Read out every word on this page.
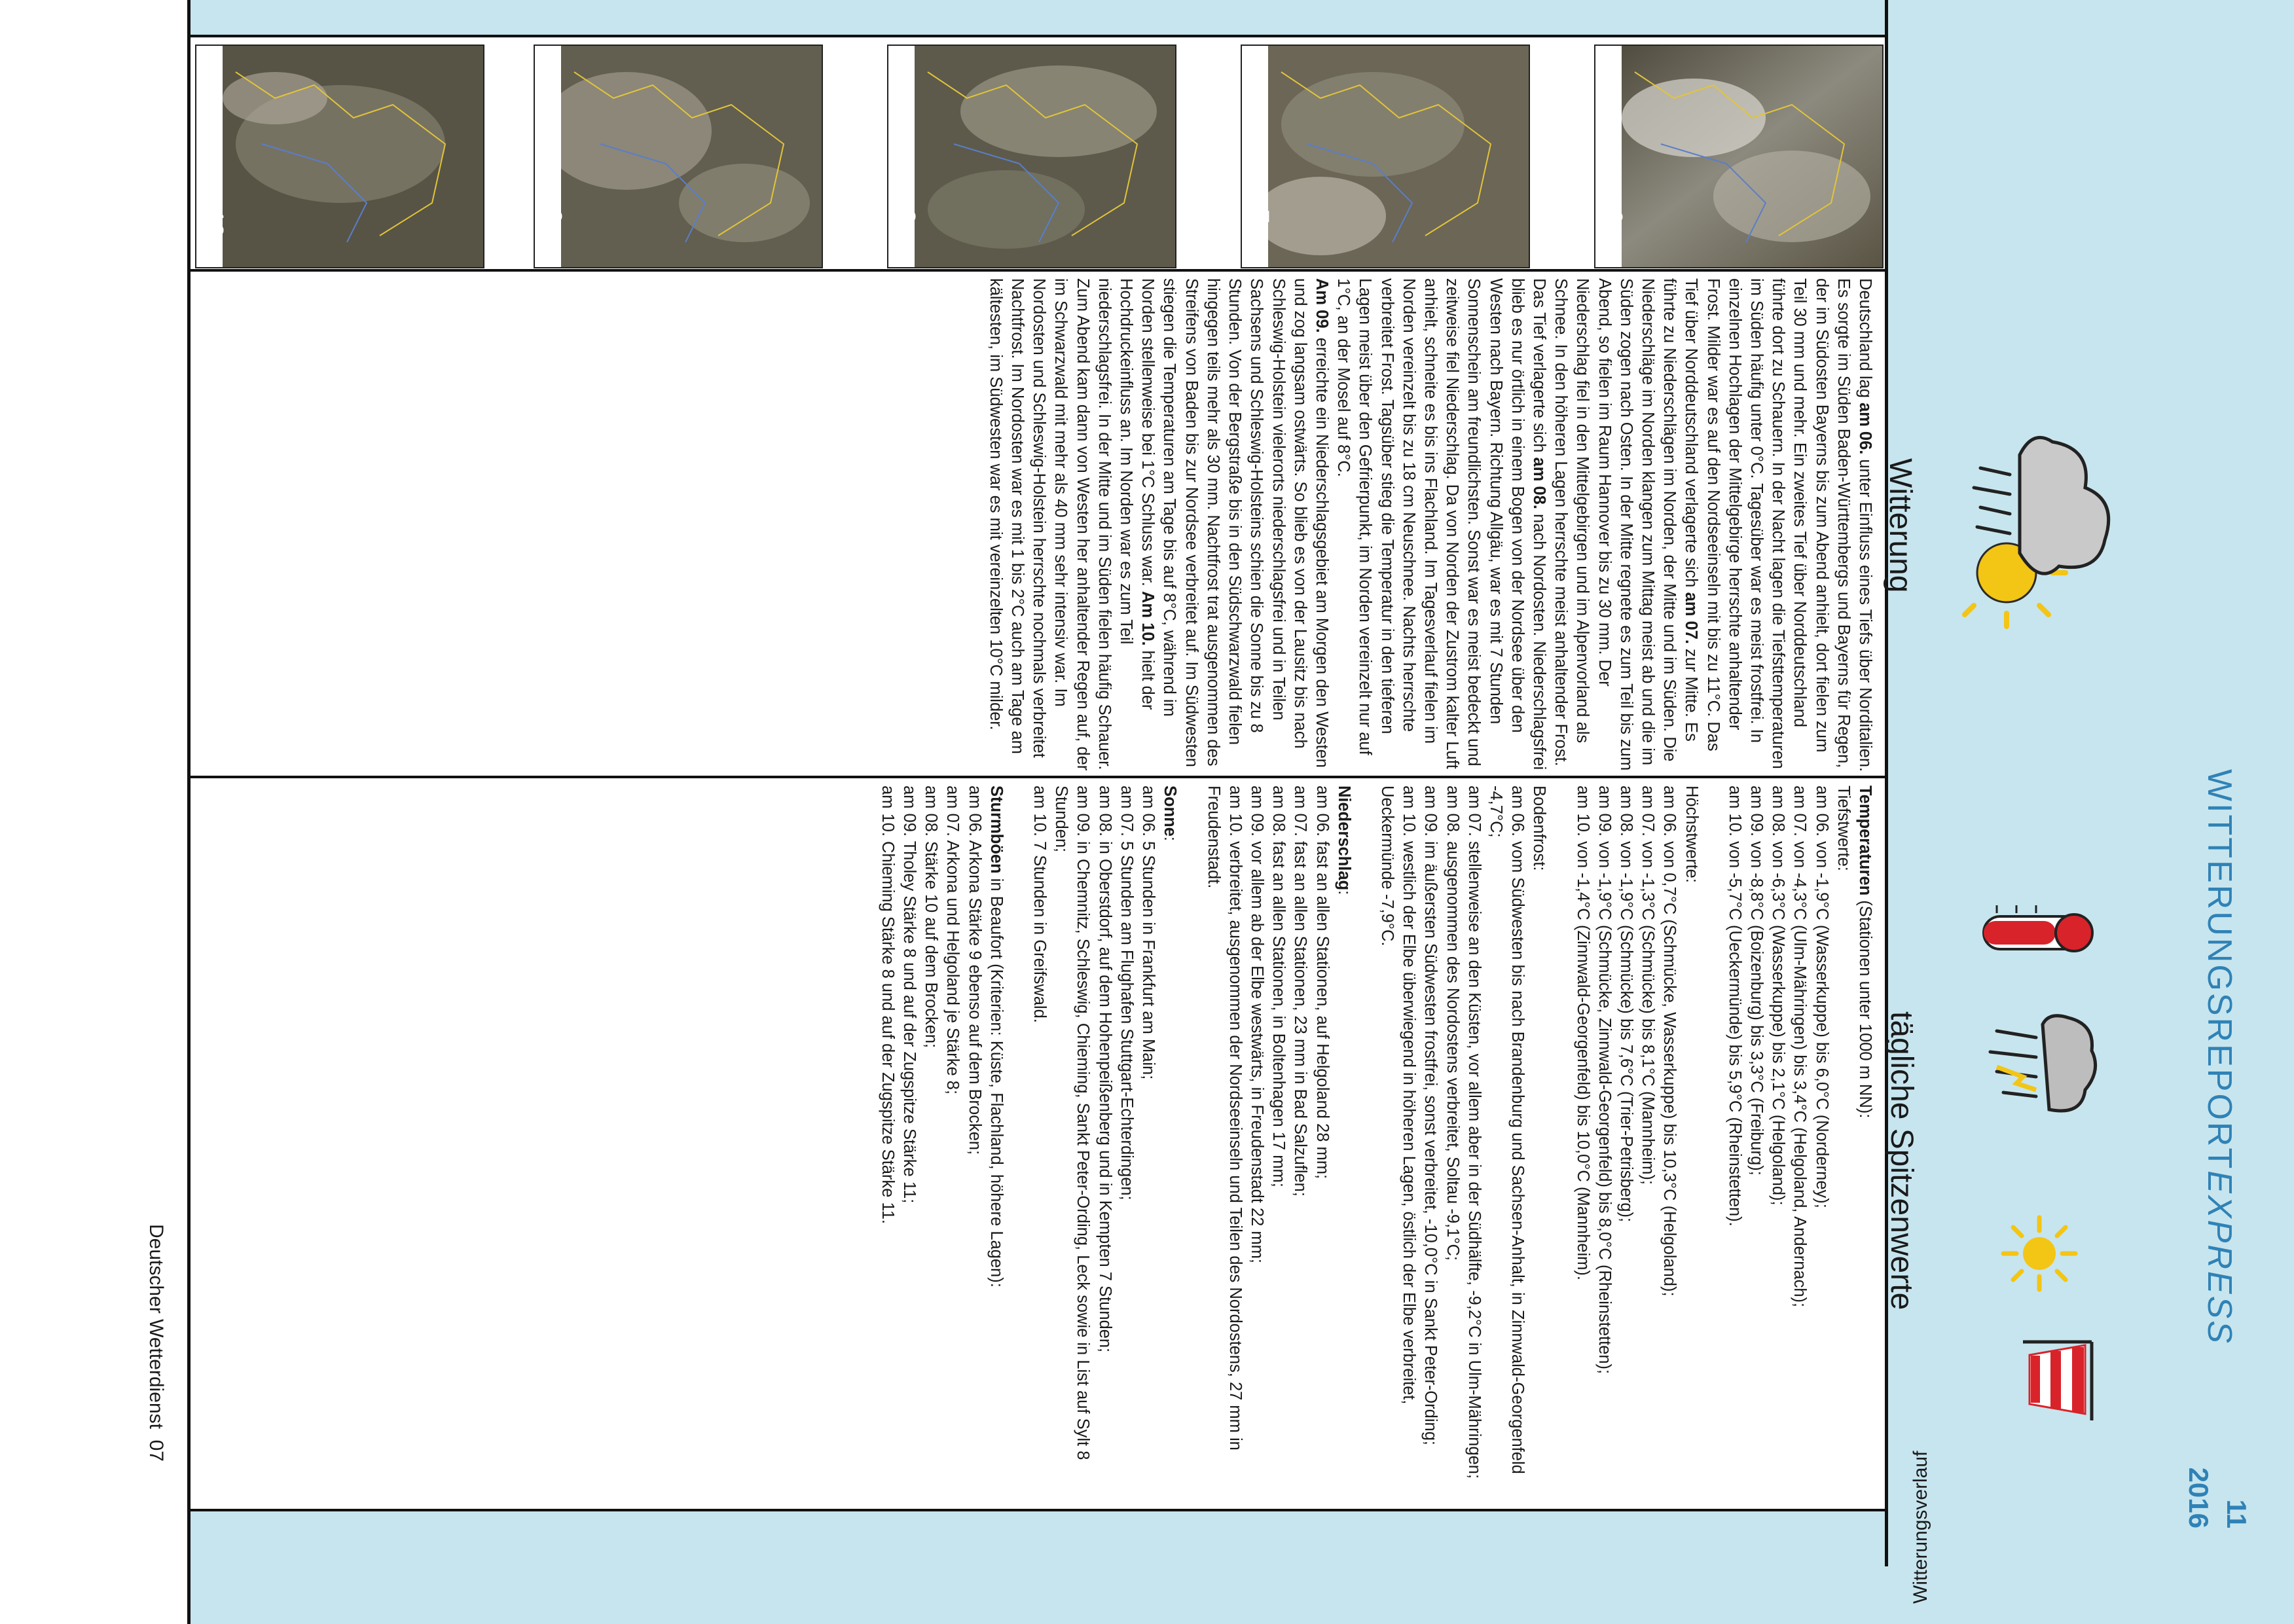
WITTERUNGSREPORTEXPRESS
11
2016
Witterungsverlauf
Witterung
tägliche Spitzenwerte
6
7
8
9
10

Deutschland lag am 06. unter Einfluss eines Tiefs über Norditalien. Es sorgte im Süden Baden-Württembergs und Bayerns für Regen, der im Südosten Bayerns bis zum Abend anhielt, dort fielen zum Teil 30 mm und mehr. Ein zweites Tief über Norddeutschland führte dort zu Schauern. In der Nacht lagen die Tiefsttemperaturen im Süden häufig unter 0°C. Tagesüber war es meist frostfrei. In einzelnen Hochlagen der Mittelgebirge herrschte anhaltender Frost. Milder war es auf den Nordseeinseln mit bis zu 11°C. Das Tief über Norddeutschland verlagerte sich am 07. zur Mitte. Es führte zu Niederschlägen im Norden, der Mitte und im Süden. Die Niederschläge im Norden klangen zum Mittag meist ab und die im Süden zogen nach Osten. In der Mitte regnete es zum Teil bis zum Abend, so fielen im Raum Hannover bis zu 30 mm. Der Niederschlag fiel in den Mittelgebirgen und im Alpenvorland als Schnee. In den höheren Lagen herrschte meist anhaltender Frost. Das Tief verlagerte sich am 08. nach Nordosten. Niederschlagsfrei blieb es nur örtlich in einem Bogen von der Nordsee über den Westen nach Bayern. Richtung Allgäu, war es mit 7 Stunden Sonnenschein am freundlichsten. Sonst war es meist bedeckt und zeitweise fiel Niederschlag. Da von Norden der Zustrom kalter Luft anhielt, schneite es bis ins Flachland. Im Tagesverlauf fielen im Norden vereinzelt bis zu 18 cm Neuschnee. Nachts herrschte verbreitet Frost. Tagsüber stieg die Temperatur in den tieferen Lagen meist über den Gefrierpunkt, im Norden vereinzelt nur auf 1°C, an der Mosel auf 8°C.

Am 09. erreichte ein Niederschlagsgebiet am Morgen den Westen und zog langsam ostwärts. So blieb es von der Lausitz bis nach Schleswig-Holstein vielerorts niederschlagsfrei und in Teilen Sachsens und Schleswig-Holsteins schien die Sonne bis zu 8 Stunden. Von der Bergstraße bis in den Südschwarzwald fielen hingegen teils mehr als 30 mm. Nachtfrost trat ausgenommen des Streifens von Baden bis zur Nordsee verbreitet auf. Im Südwesten stiegen die Temperaturen am Tage bis auf 8°C, während im Norden stellenweise bei 1°C Schluss war. Am 10. hielt der Hochdruckeinfluss an. Im Norden war es zum Teil niederschlagsfrei. In der Mitte und im Süden fielen häufig Schauer. Zum Abend kam dann von Westen her anhaltender Regen auf, der im Schwarzwald mit mehr als 40 mm sehr intensiv war. Im Nordosten und Schleswig-Holstein herrschte nochmals verbreitet Nachtfrost. Im Nordosten war es mit 1 bis 2°C auch am Tage am kältesten, im Südwesten war es mit vereinzelten 10°C milder.

Temperaturen (Stationen unter 1000 m NN):

Tiefstwerte:

am 06. von -1,9°C (Wasserkuppe) bis 6,0°C (Norderney);

am 07. von -4,3°C (Ulm-Mähringen) bis 3,4°C (Helgoland, Andernach);

am 08. von -6,3°C (Wasserkuppe) bis 2,1°C (Helgoland);

am 09. von -8,8°C (Boizenburg) bis 3,3°C (Freiburg);

am 10. von -5,7°C (Ueckermünde) bis 5,9°C (Rheinstetten).

Höchstwerte:

am 06. von 0,7°C (Schmücke, Wasserkuppe) bis 10,3°C (Helgoland);

am 07. von -1,3°C (Schmücke) bis 8,1°C (Mannheim);

am 08. von -1,9°C (Schmücke) bis 7,6°C (Trier-Petrisberg);

am 09. von -1,9°C (Schmücke, Zinnwald-Georgenfeld) bis 8,0°C (Rheinstetten);

am 10. von -1,4°C (Zinnwald-Georgenfeld) bis 10,0°C (Mannheim).

Bodenfrost:

am 06. vom Südwesten bis nach Brandenburg und Sachsen-Anhalt, in Zinnwald-Georgenfeld -4,7°C;

am 07. stellenweise an den Küsten, vor allem aber in der Südhälfte, -9,2°C in Ulm-Mähringen;

am 08. ausgenommen des Nordostens verbreitet, Soltau -9,1°C;

am 09. im äußersten Südwesten frostfrei, sonst verbreitet, -10,0°C in Sankt Peter-Ording;

am 10. westlich der Elbe überwiegend in höheren Lagen, östlich der Elbe verbreitet, Ueckermünde -7,9°C.

Niederschlag:

am 06. fast an allen Stationen, auf Helgoland 28 mm;

am 07. fast an allen Stationen, 23 mm in Bad Salzuflen;

am 08. fast an allen Stationen, in Boltenhagen 17 mm;

am 09. vor allem ab der Elbe westwärts, in Freudenstadt 22 mm;

am 10. verbreitet, ausgenommen der Nordseeinseln und Teilen des Nordostens, 27 mm in Freudenstadt.

Sonne:

am 06. 5 Stunden in Frankfurt am Main;

am 07. 5 Stunden am Flughafen Stuttgart-Echterdingen;

am 08. in Oberstdorf, auf dem Hohenpeißenberg und in Kempten 7 Stunden;

am 09. in Chemnitz, Schleswig, Chieming, Sankt Peter-Ording, Leck sowie in List auf Sylt 8 Stunden;

am 10. 7 Stunden in Greifswald.

Sturmböen in Beaufort (Kriterien: Küste, Flachland, höhere Lagen):

am 06. Arkona Stärke 9 ebenso auf dem Brocken;

am 07. Arkona und Helgoland je Stärke 8;

am 08. Stärke 10 auf dem Brocken;

am 09. Tholey Stärke 8 und auf der Zugspitze Stärke 11;

am 10. Chieming Stärke 8 und auf der Zugspitze Stärke 11.

Deutscher Wetterdienst  07
